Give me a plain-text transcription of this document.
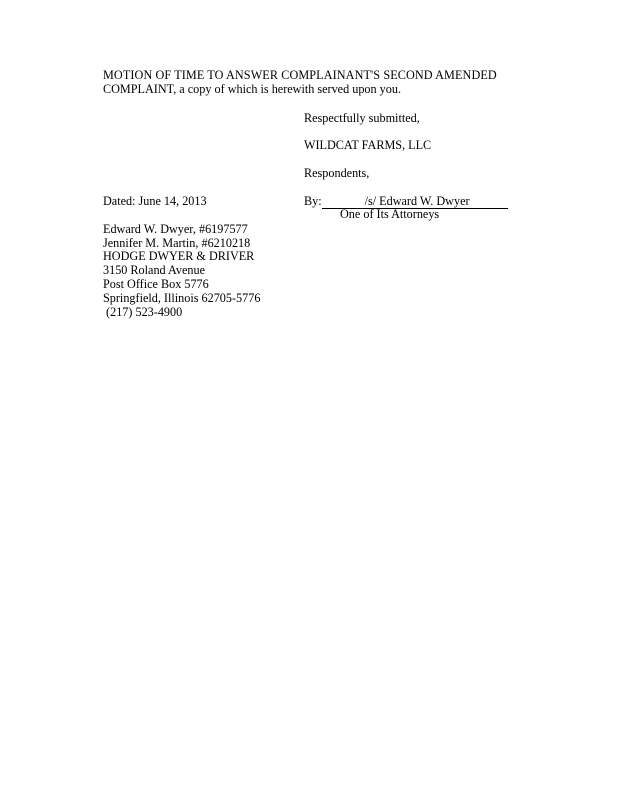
MOTION OF TIME TO ANSWER COMPLAINANT'S SECOND AMENDED
COMPLAINT, a copy of which is herewith served upon you.
Respectfully submitted,
WILDCAT FARMS, LLC
Respondents,
Dated: June 14, 2013	By:	/s/ Edward W. Dwyer
One of Its Attorneys
Edward W. Dwyer, #6197577
Jennifer M. Martin, #6210218
HODGE DWYER & DRIVER
3150 Roland Avenue
Post Office Box 5776
Springfield, Illinois 62705-5776
(217) 523-4900
